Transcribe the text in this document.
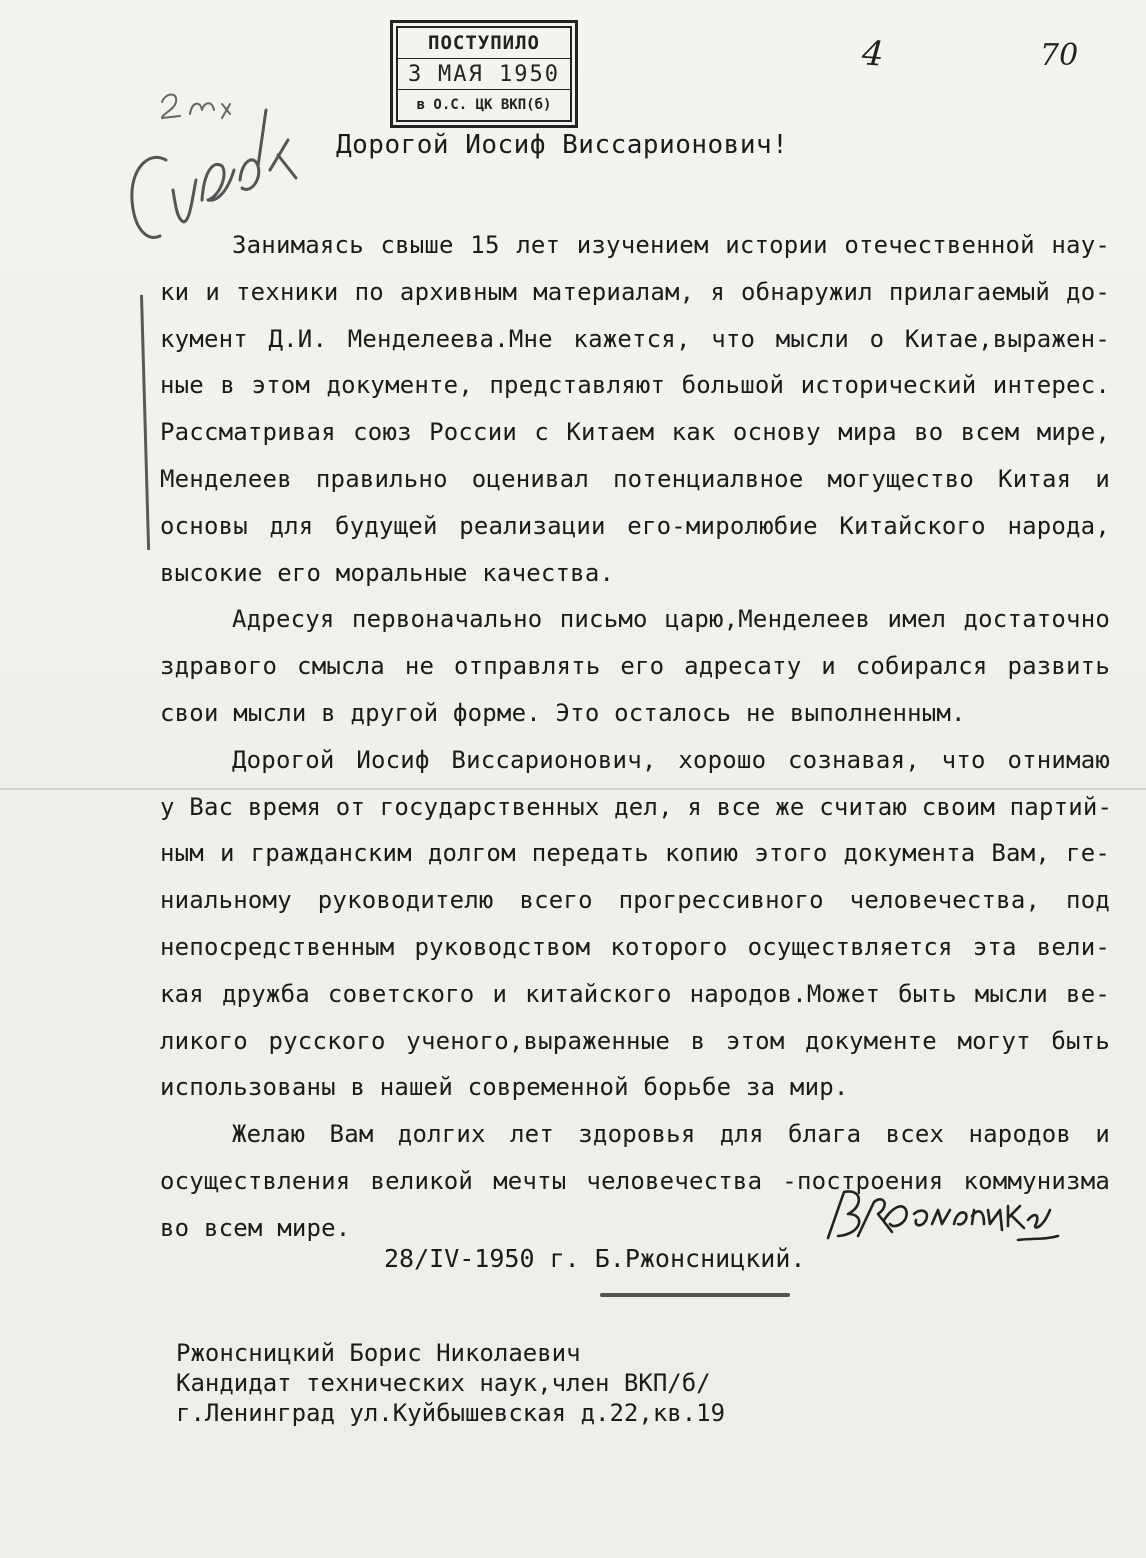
ПОСТУПИЛО
3 МАЯ 1950
в О.С. ЦК ВКП(б)
4	70
Дорогой Иосиф Виссарионович!
Занимаясь свыше 15 лет изучением истории отечественной нау-
ки и техники по архивным материалам, я обнаружил прилагаемый до-
кумент Д.И. Менделеева.Мне кажется, что мысли о Китае,выражен-
ные в этом документе, представляют большой исторический интерес.
Рассматривая союз России с Китаем как основу мира во всем мире,
Менделеев правильно оценивал потенциалвное могущество Китая и
основы для будущей реализации его-миролюбие Китайского народа,
высокие его моральные качества.
Адресуя первоначально письмо царю,Менделеев имел достаточно
здравого смысла не отправлять его адресату и собирался развить
свои мысли в другой форме. Это осталось не выполненным.
Дорогой Иосиф Виссарионович, хорошо сознавая, что отнимаю
у Вас время от государственных дел, я все же считаю своим партий-
ным и гражданским долгом передать копию этого документа Вам, ге-
ниальному руководителю всего прогрессивного человечества, под
непосредственным руководством которого осуществляется эта вели-
кая дружба советского и китайского народов.Может быть мысли ве-
ликого русского ученого,выраженные в этом документе могут быть
использованы в нашей современной борьбе за мир.
Желаю Вам долгих лет здоровья для блага всех народов и
осуществления великой мечты человечества -построения коммунизма
во всем мире.
28/IV-1950 г. Б.Ржонсницкий.
Ржонсницкий Борис Николаевич
Кандидат технических наук,член ВКП/б/
г.Ленинград ул.Куйбышевская д.22,кв.19
